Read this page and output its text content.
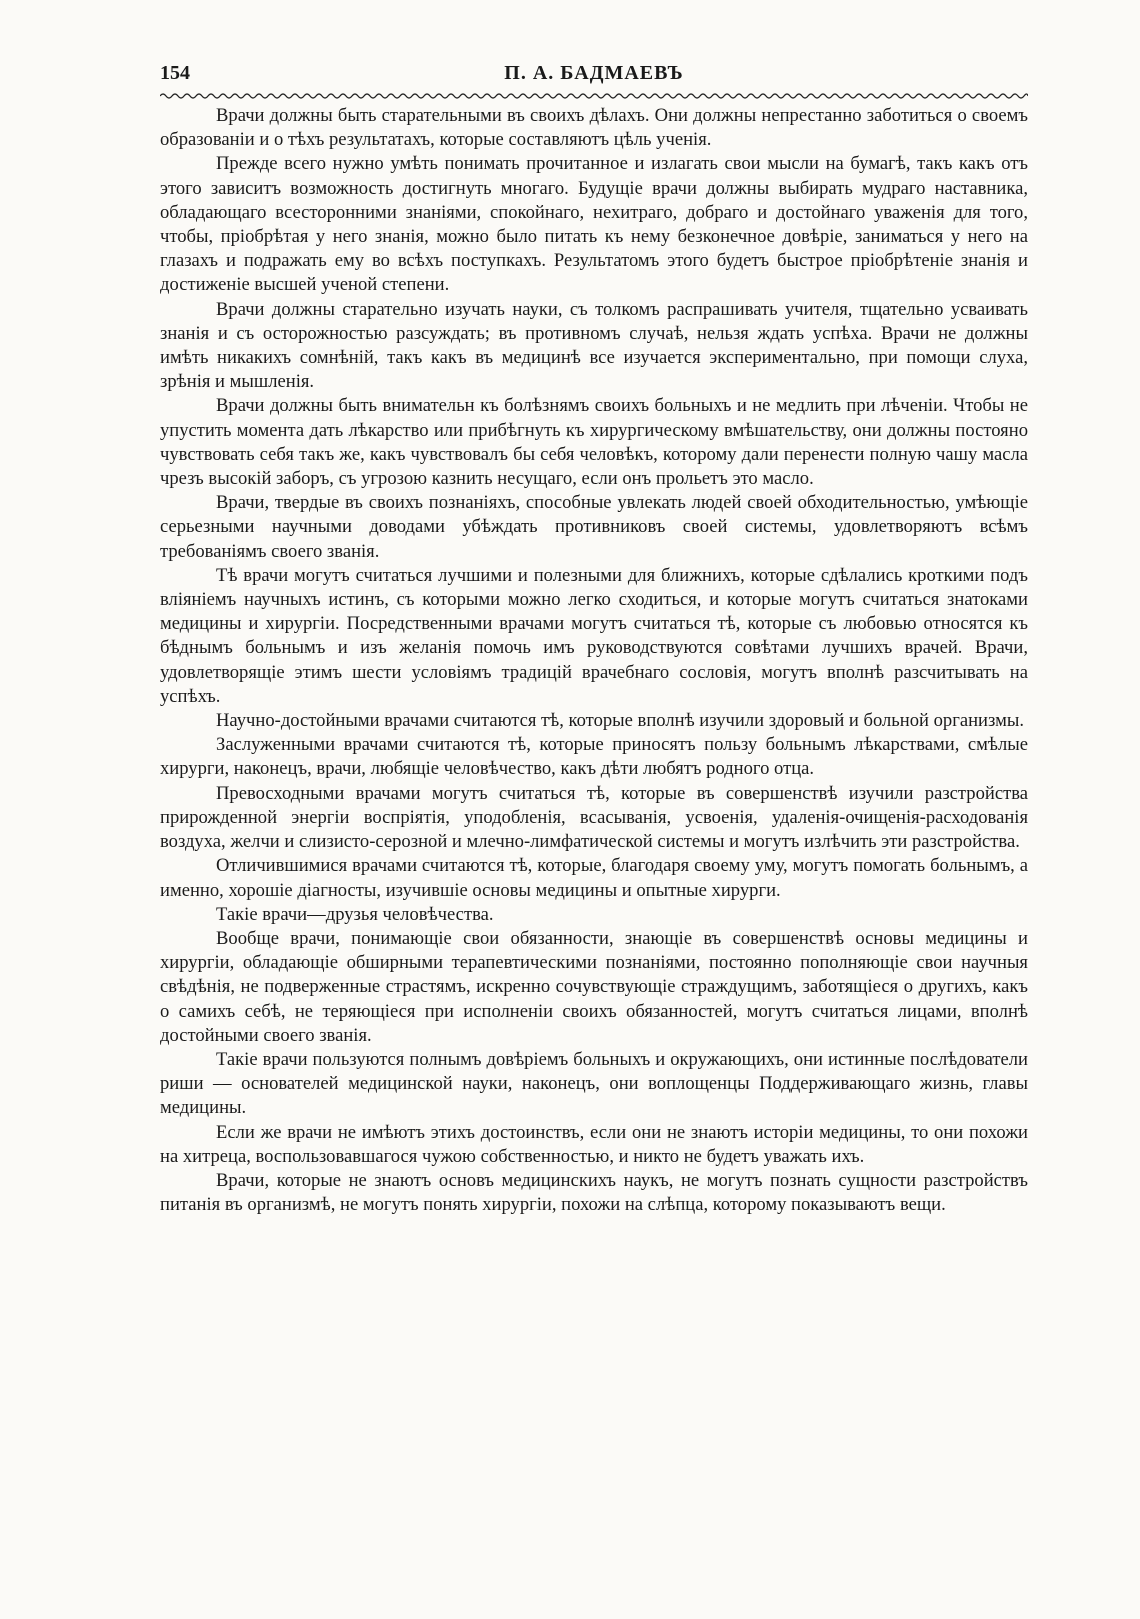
154	П. А. БАДМАЕВЪ

Врачи должны быть старательными въ своихъ дѣлахъ. Они должны непрестанно заботиться о своемъ образованiи и о тѣхъ результатахъ, которые составляютъ цѣль ученiя.

Прежде всего нужно умѣть понимать прочитанное и излагать свои мысли на бумагѣ, такъ какъ отъ этого зависитъ возможность достигнуть многаго. Будущiе врачи должны выбирать мудраго наставника, обладающаго всесторонними знанiями, спокойнаго, нехитраго, добраго и достойнаго уваженiя для того, чтобы, прiобрѣтая у него знанiя, можно было питать къ нему безконечное довѣрiе, заниматься у него на глазахъ и подражать ему во всѣхъ поступкахъ. Результатомъ этого будетъ быстрое прiобрѣтенiе знанiя и достиженiе высшей ученой степени.

Врачи должны старательно изучать науки, съ толкомъ распрашивать учителя, тщательно усваивать знанiя и съ осторожностью разсуждать; въ противномъ случаѣ, нельзя ждать успѣха. Врачи не должны имѣть никакихъ сомнѣнiй, такъ какъ въ медицинѣ все изучается экспериментально, при помощи слуха, зрѣнiя и мышленiя.

Врачи должны быть внимательн къ болѣзнямъ своихъ больныхъ и не медлить при лѣченiи. Чтобы не упустить момента дать лѣкарство или прибѣгнуть къ хирургическому вмѣшательству, они должны постояно чувствовать себя такъ же, какъ чувствовалъ бы себя человѣкъ, которому дали перенести полную чашу масла чрезъ высокiй заборъ, съ угрозою казнить несущаго, если онъ прольетъ это масло.

Врачи, твердые въ своихъ познанiяхъ, способные увлекать людей своей обходительностью, умѣющiе серьезными научными доводами убѣждать противниковъ своей системы, удовлетворяютъ всѣмъ требованiямъ своего званiя.

Тѣ врачи могутъ считаться лучшими и полезными для ближнихъ, которые сдѣлались кроткими подъ влiянiемъ научныхъ истинъ, съ которыми можно легко сходиться, и которые могутъ считаться знатоками медицины и хирургiи. Посредственными врачами могутъ считаться тѣ, которые съ любовью относятся къ бѣднымъ больнымъ и изъ желанiя помочь имъ руководствуются совѣтами лучшихъ врачей. Врачи, удовлетворящiе этимъ шести условiямъ традицiй врачебнаго сословiя, могутъ вполнѣ разсчитывать на успѣхъ.

Научно-достойными врачами считаются тѣ, которые вполнѣ изучили здоровый и больной организмы.

Заслуженными врачами считаются тѣ, которые приносятъ пользу больнымъ лѣкарствами, смѣлые хирурги, наконецъ, врачи, любящiе человѣчество, какъ дѣти любятъ родного отца.

Превосходными врачами могутъ считаться тѣ, которые въ совершенствѣ изучили разстройства прирожденной энергiи воспрiятiя, уподобленiя, всасыванiя, усвоенiя, удаленiя-очищенiя-расходованiя воздуха, желчи и слизисто-серозной и млечно-лимфатической системы и могутъ излѣчить эти разстройства.

Отличившимися врачами считаются тѣ, которые, благодаря своему уму, могутъ помогать больнымъ, а именно, хорошiе дiагносты, изучившiе основы медицины и опытные хирурги.

Такiе врачи—друзья человѣчества.

Вообще врачи, понимающiе свои обязанности, знающiе въ совершенствѣ основы медицины и хирургiи, обладающiе обширными терапевтическими познанiями, постоянно пополняющiе свои научныя свѣдѣнiя, не подверженные страстямъ, искренно сочувствующiе страждущимъ, заботящiеся о другихъ, какъ о самихъ себѣ, не теряющiеся при исполненiи своихъ обязанностей, могутъ считаться лицами, вполнѣ достойными своего званiя.

Такiе врачи пользуются полнымъ довѣрiемъ больныхъ и окружающихъ, они истинные послѣдователи риши — основателей медицинской науки, наконецъ, они воплощенцы Поддерживающаго жизнь, главы медицины.

Если же врачи не имѣютъ этихъ достоинствъ, если они не знаютъ исторiи медицины, то они похожи на хитреца, воспользовавшагося чужою собственностью, и никто не будетъ уважать ихъ.

Врачи, которые не знаютъ основъ медицинскихъ наукъ, не могутъ познать сущности разстройствъ питанiя въ организмѣ, не могутъ понять хирургiи, похожи на слѣпца, которому показываютъ вещи.
